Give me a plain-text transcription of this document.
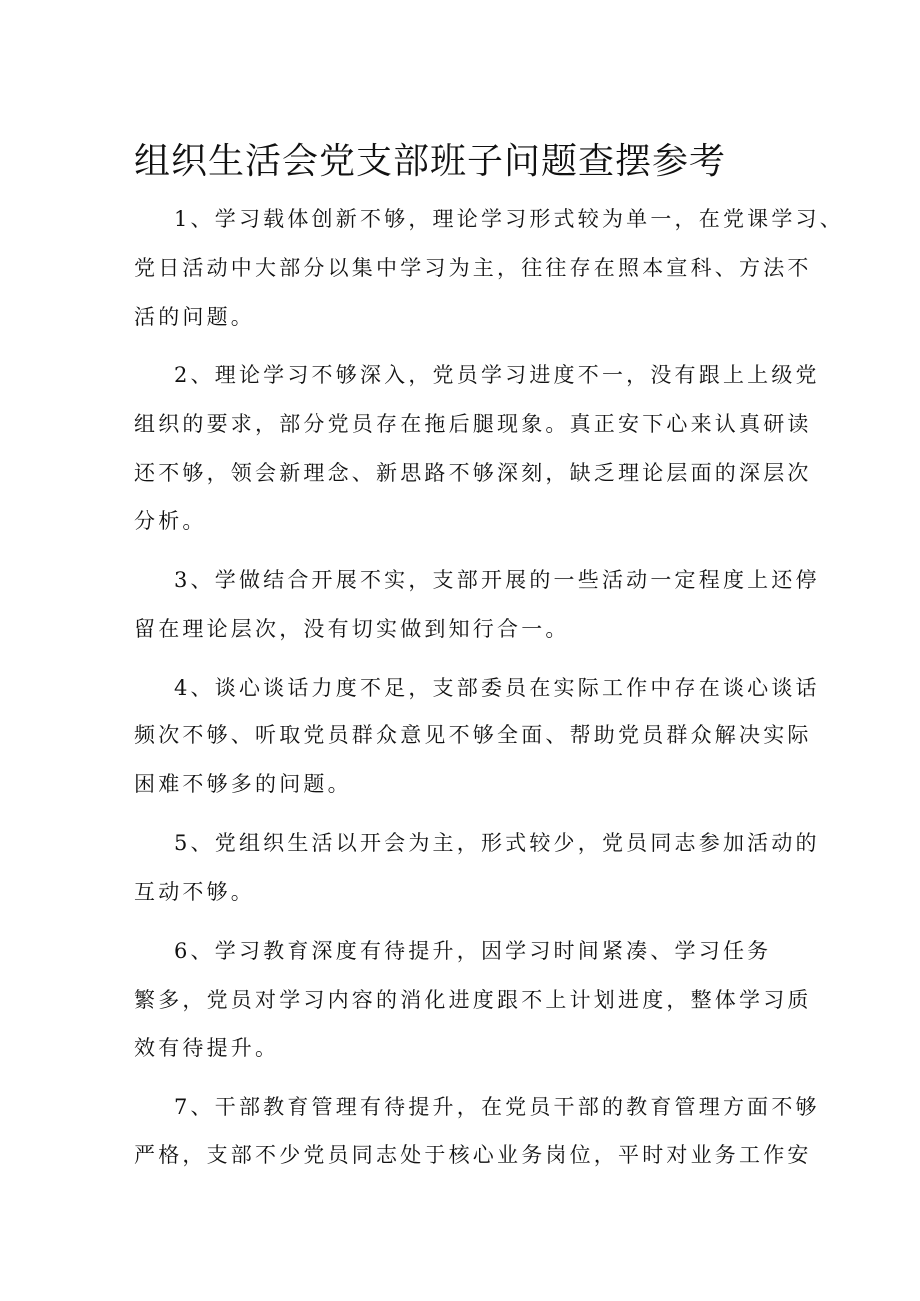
组织生活会党支部班子问题查摆参考

1、学习载体创新不够，理论学习形式较为单一，在党课学习、

党日活动中大部分以集中学习为主，往往存在照本宣科、方法不

活的问题。

2、理论学习不够深入，党员学习进度不一，没有跟上上级党

组织的要求，部分党员存在拖后腿现象。真正安下心来认真研读

还不够，领会新理念、新思路不够深刻，缺乏理论层面的深层次

分析。

3、学做结合开展不实，支部开展的一些活动一定程度上还停

留在理论层次，没有切实做到知行合一。

4、谈心谈话力度不足，支部委员在实际工作中存在谈心谈话

频次不够、听取党员群众意见不够全面、帮助党员群众解决实际

困难不够多的问题。

5、党组织生活以开会为主，形式较少，党员同志参加活动的

互动不够。

6、学习教育深度有待提升，因学习时间紧凑、学习任务

繁多，党员对学习内容的消化进度跟不上计划进度，整体学习质

效有待提升。

7、干部教育管理有待提升，在党员干部的教育管理方面不够

严格，支部不少党员同志处于核心业务岗位，平时对业务工作安
